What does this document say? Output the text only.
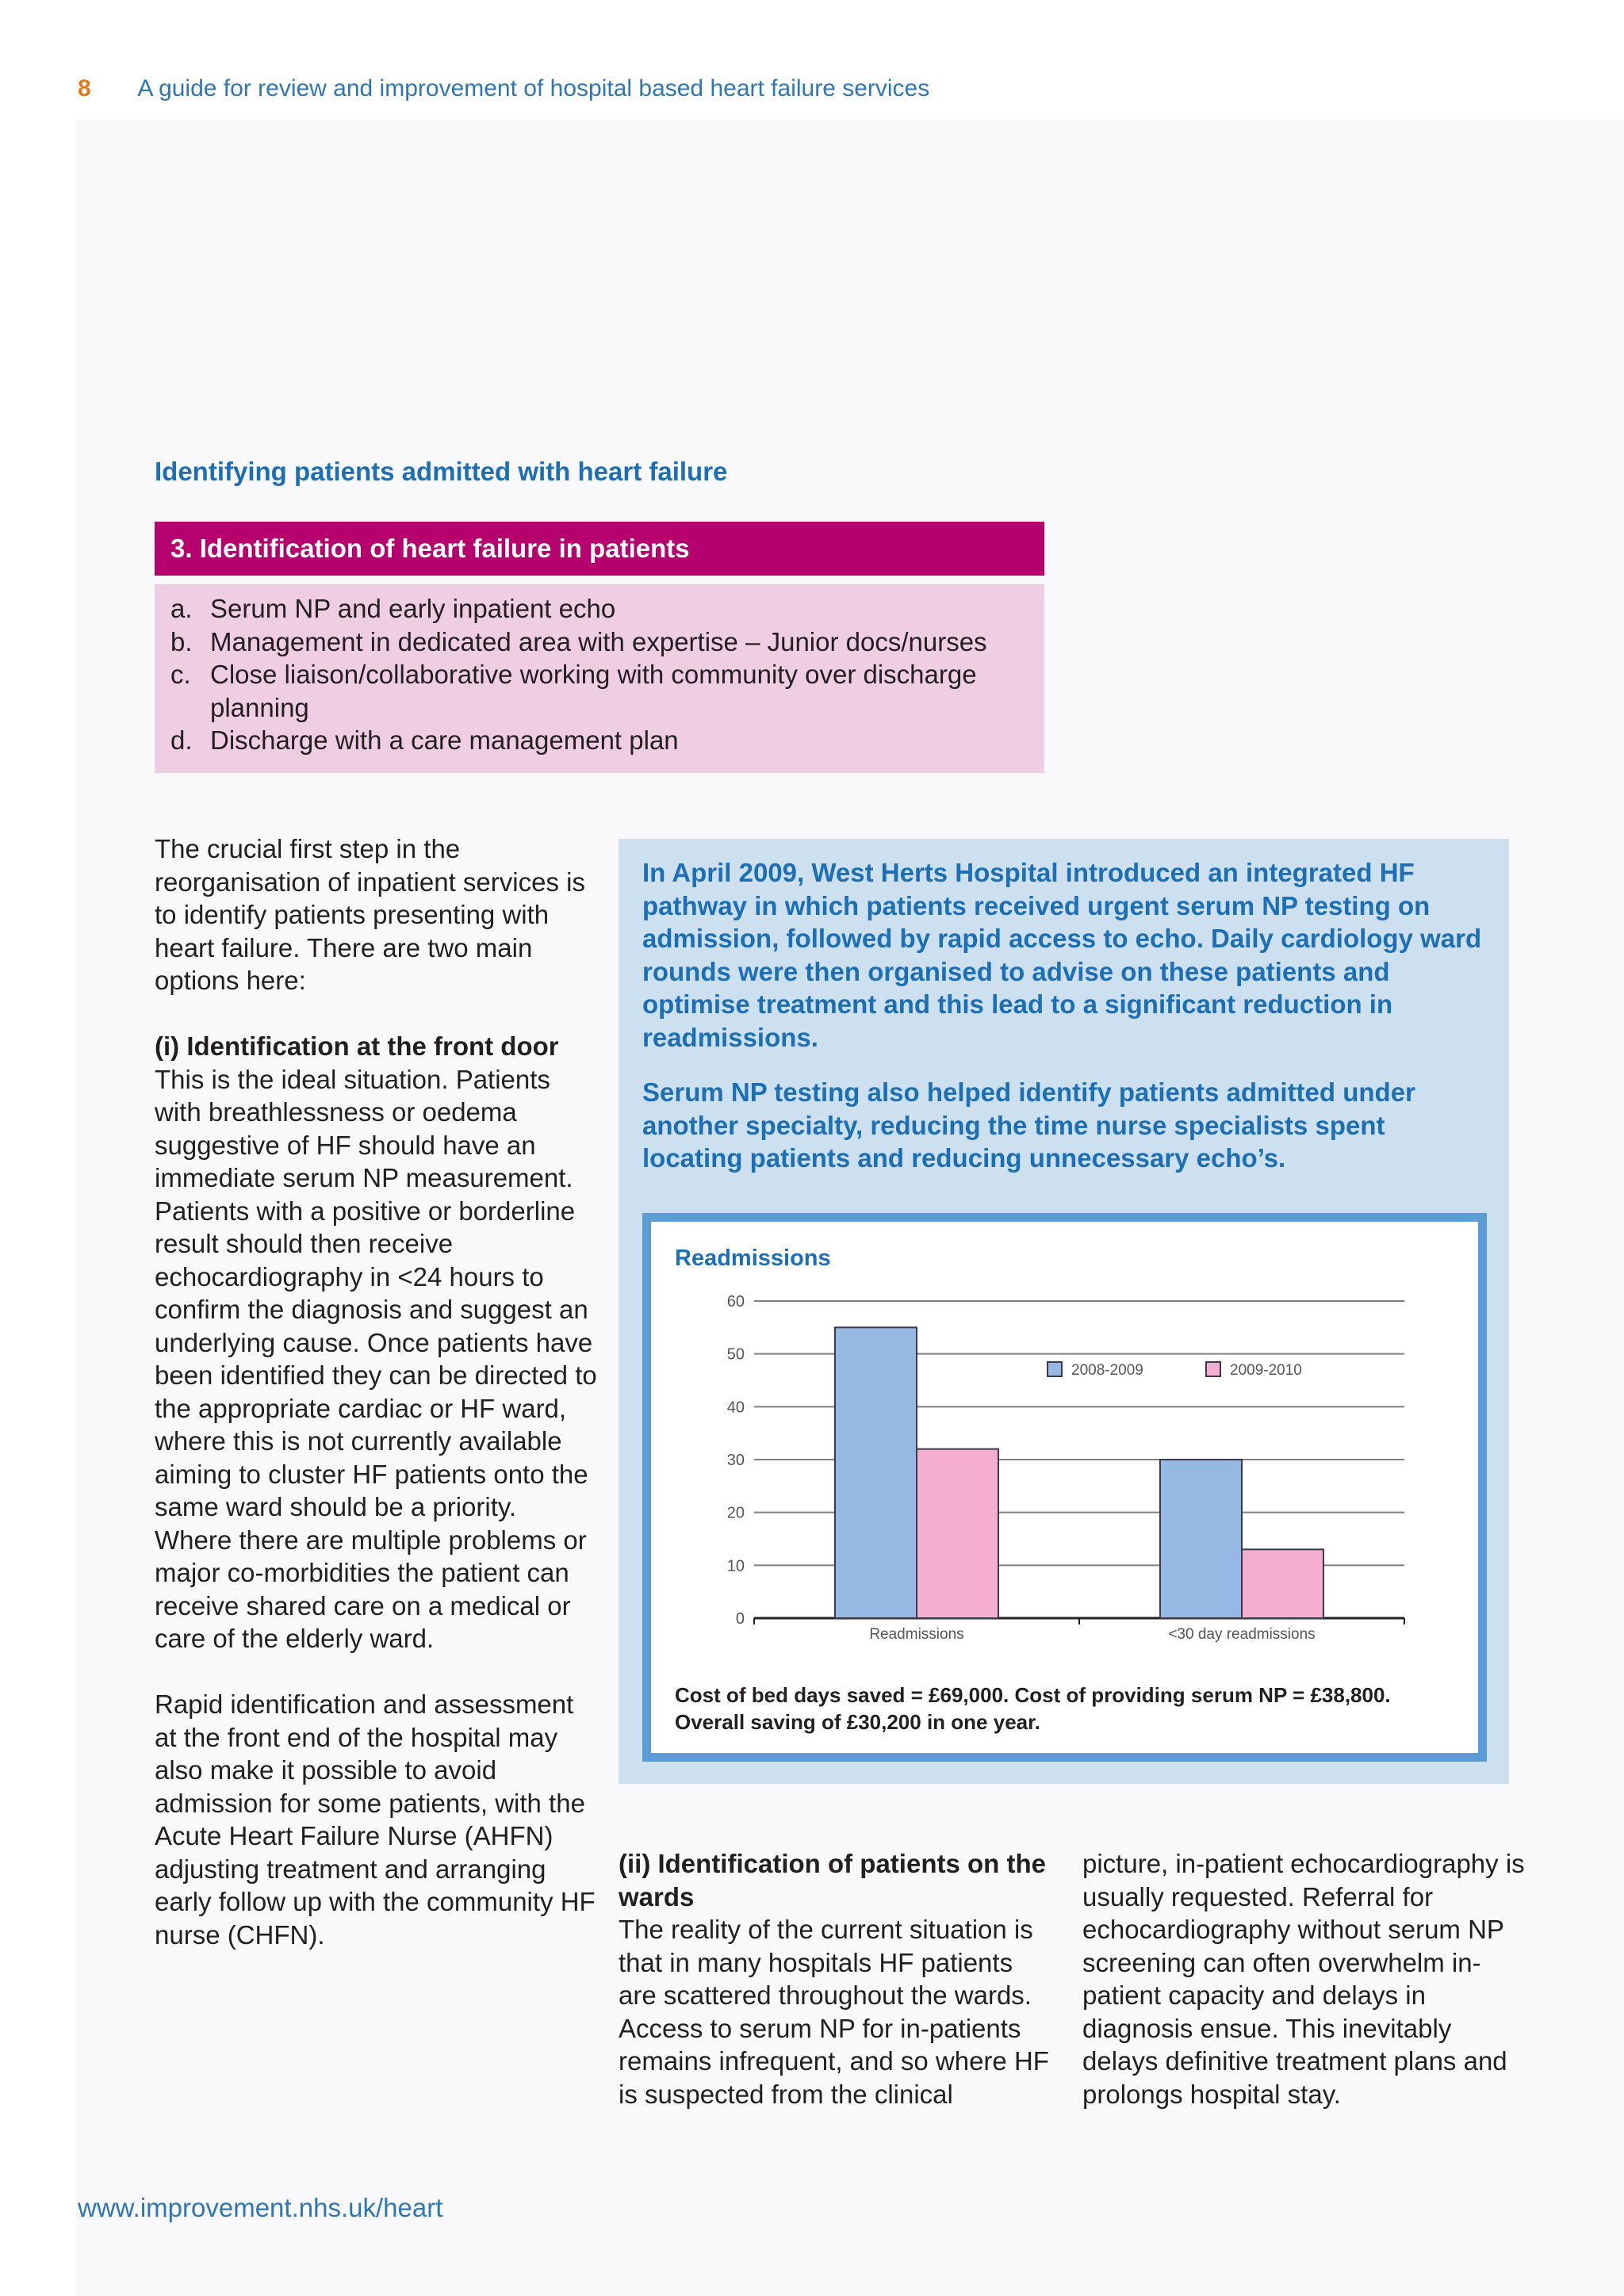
8 A guide for review and improvement of hospital based heart failure services
Identifying patients admitted with heart failure
3. Identification of heart failure in patients
a. Serum NP and early inpatient echo
b. Management in dedicated area with expertise – Junior docs/nurses
c. Close liaison/collaborative working with community over discharge planning
d. Discharge with a care management plan

The crucial first step in the reorganisation of inpatient services is to identify patients presenting with heart failure. There are two main options here:

(i) Identification at the front door

This is the ideal situation. Patients with breathlessness or oedema suggestive of HF should have an immediate serum NP measurement. Patients with a positive or borderline result should then receive echocardiography in <24 hours to confirm the diagnosis and suggest an underlying cause. Once patients have been identified they can be directed to the appropriate cardiac or HF ward, where this is not currently available aiming to cluster HF patients onto the same ward should be a priority. Where there are multiple problems or major co-morbidities the patient can receive shared care on a medical or care of the elderly ward.

Rapid identification and assessment at the front end of the hospital may also make it possible to avoid admission for some patients, with the Acute Heart Failure Nurse (AHFN) adjusting treatment and arranging early follow up with the community HF nurse (CHFN).

In April 2009, West Herts Hospital introduced an integrated HF pathway in which patients received urgent serum NP testing on admission, followed by rapid access to echo. Daily cardiology ward rounds were then organised to advise on these patients and optimise treatment and this lead to a significant reduction in readmissions.

Serum NP testing also helped identify patients admitted under another specialty, reducing the time nurse specialists spent locating patients and reducing unnecessary echo’s.

Readmissions
0
10
20
30
40
50
60
Readmissions	<30 day readmissions
2008-2009	2009-2010
Cost of bed days saved = £69,000. Cost of providing serum NP = £38,800.
Overall saving of £30,200 in one year.

(ii) Identification of patients on the wards

The reality of the current situation is that in many hospitals HF patients are scattered throughout the wards. Access to serum NP for in-patients remains infrequent, and so where HF is suspected from the clinical

picture, in-patient echocardiography is usually requested. Referral for echocardiography without serum NP screening can often overwhelm in-patient capacity and delays in diagnosis ensue. This inevitably delays definitive treatment plans and prolongs hospital stay.

www.improvement.nhs.uk/heart
